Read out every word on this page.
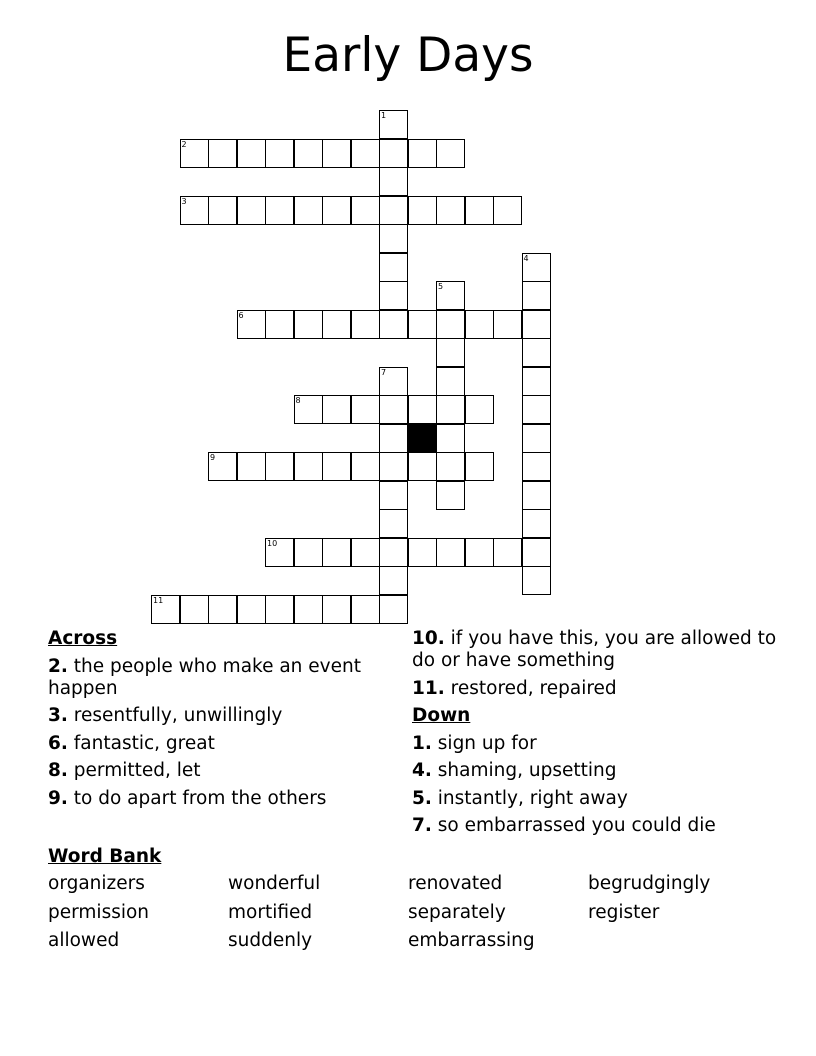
Early Days
1
2
3
4
5
6
7
8
9
10
11
Across
2. the people who make an event happen
3. resentfully, unwillingly
6. fantastic, great
8. permitted, let
9. to do apart from the others
10. if you have this, you are allowed to do or have something
11. restored, repaired
Down
1. sign up for
4. shaming, upsetting
5. instantly, right away
7. so embarrassed you could die
Word Bank
organizers	wonderful	renovated	begrudgingly
permission	mortified	separately	register
allowed	suddenly	embarrassing
